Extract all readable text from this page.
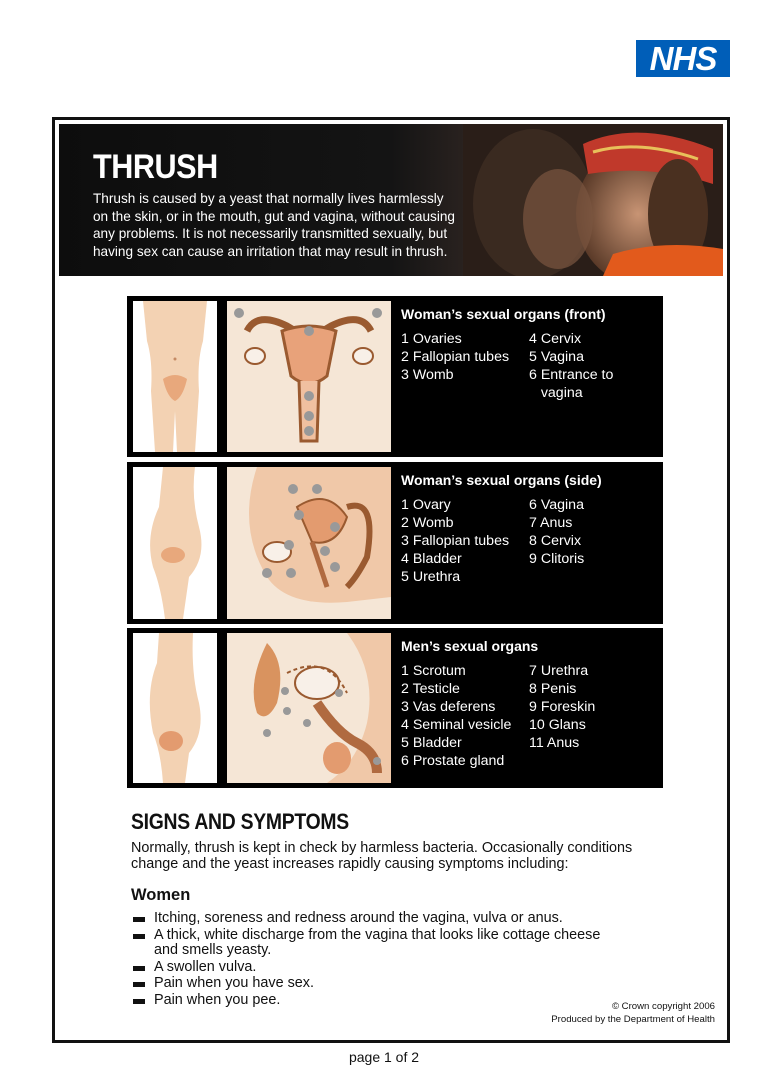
NHS
THRUSH
Thrush is caused by a yeast that normally lives harmlessly
on the skin, or in the mouth, gut and vagina, without causing
any problems. It is not necessarily transmitted sexually, but
having sex can cause an irritation that may result in thrush.
Woman’s sexual organs (front)
1 Ovaries
2 Fallopian tubes
3 Womb
4 Cervix
5 Vagina
6 Entrance to
vagina
Woman’s sexual organs (side)
1 Ovary
2 Womb
3 Fallopian tubes
4 Bladder
5 Urethra
6 Vagina
7 Anus
8 Cervix
9 Clitoris
Men’s sexual organs
1 Scrotum
2 Testicle
3 Vas deferens
4 Seminal vesicle
5 Bladder
6 Prostate gland
7 Urethra
8 Penis
9 Foreskin
10 Glans
11 Anus
SIGNS AND SYMPTOMS
Normally, thrush is kept in check by harmless bacteria. Occasionally conditions
change and the yeast increases rapidly causing symptoms including:
Women
Itching, soreness and redness around the vagina, vulva or anus.
A thick, white discharge from the vagina that looks like cottage cheese
and smells yeasty.
A swollen vulva.
Pain when you have sex.
Pain when you pee.	© Crown copyright 2006
Produced by the Department of Health
page 1 of 2
